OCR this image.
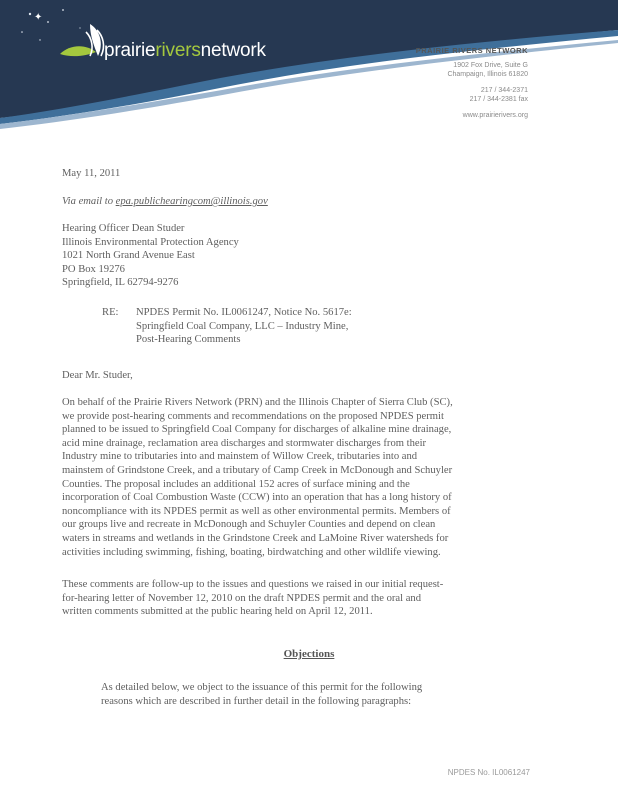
✦
prairieriversnetwork	PRAIRIE RIVERS NETWORK
1902 Fox Drive, Suite G
Champaign, Illinois 61820
217 / 344-2371
217 / 344-2381 fax
www.prairierivers.org
May 11, 2011
Via email to epa.publichearingcom@illinois.gov
Hearing Officer Dean Studer
Illinois Environmental Protection Agency
1021 North Grand Avenue East
PO Box 19276
Springfield, IL 62794-9276
RE: NPDES Permit No. IL0061247, Notice No. 5617e:
Springfield Coal Company, LLC – Industry Mine,
Post-Hearing Comments
Dear Mr. Studer,
On behalf of the Prairie Rivers Network (PRN) and the Illinois Chapter of Sierra Club (SC),
we provide post-hearing comments and recommendations on the proposed NPDES permit
planned to be issued to Springfield Coal Company for discharges of alkaline mine drainage,
acid mine drainage, reclamation area discharges and stormwater discharges from their
Industry mine to tributaries into and mainstem of Willow Creek, tributaries into and
mainstem of Grindstone Creek, and a tributary of Camp Creek in McDonough and Schuyler
Counties. The proposal includes an additional 152 acres of surface mining and the
incorporation of Coal Combustion Waste (CCW) into an operation that has a long history of
noncompliance with its NPDES permit as well as other environmental permits. Members of
our groups live and recreate in McDonough and Schuyler Counties and depend on clean
waters in streams and wetlands in the Grindstone Creek and LaMoine River watersheds for
activities including swimming, fishing, boating, birdwatching and other wildlife viewing.
These comments are follow-up to the issues and questions we raised in our initial request-
for-hearing letter of November 12, 2010 on the draft NPDES permit and the oral and
written comments submitted at the public hearing held on April 12, 2011.
Objections
As detailed below, we object to the issuance of this permit for the following
reasons which are described in further detail in the following paragraphs:
NPDES No. IL0061247
